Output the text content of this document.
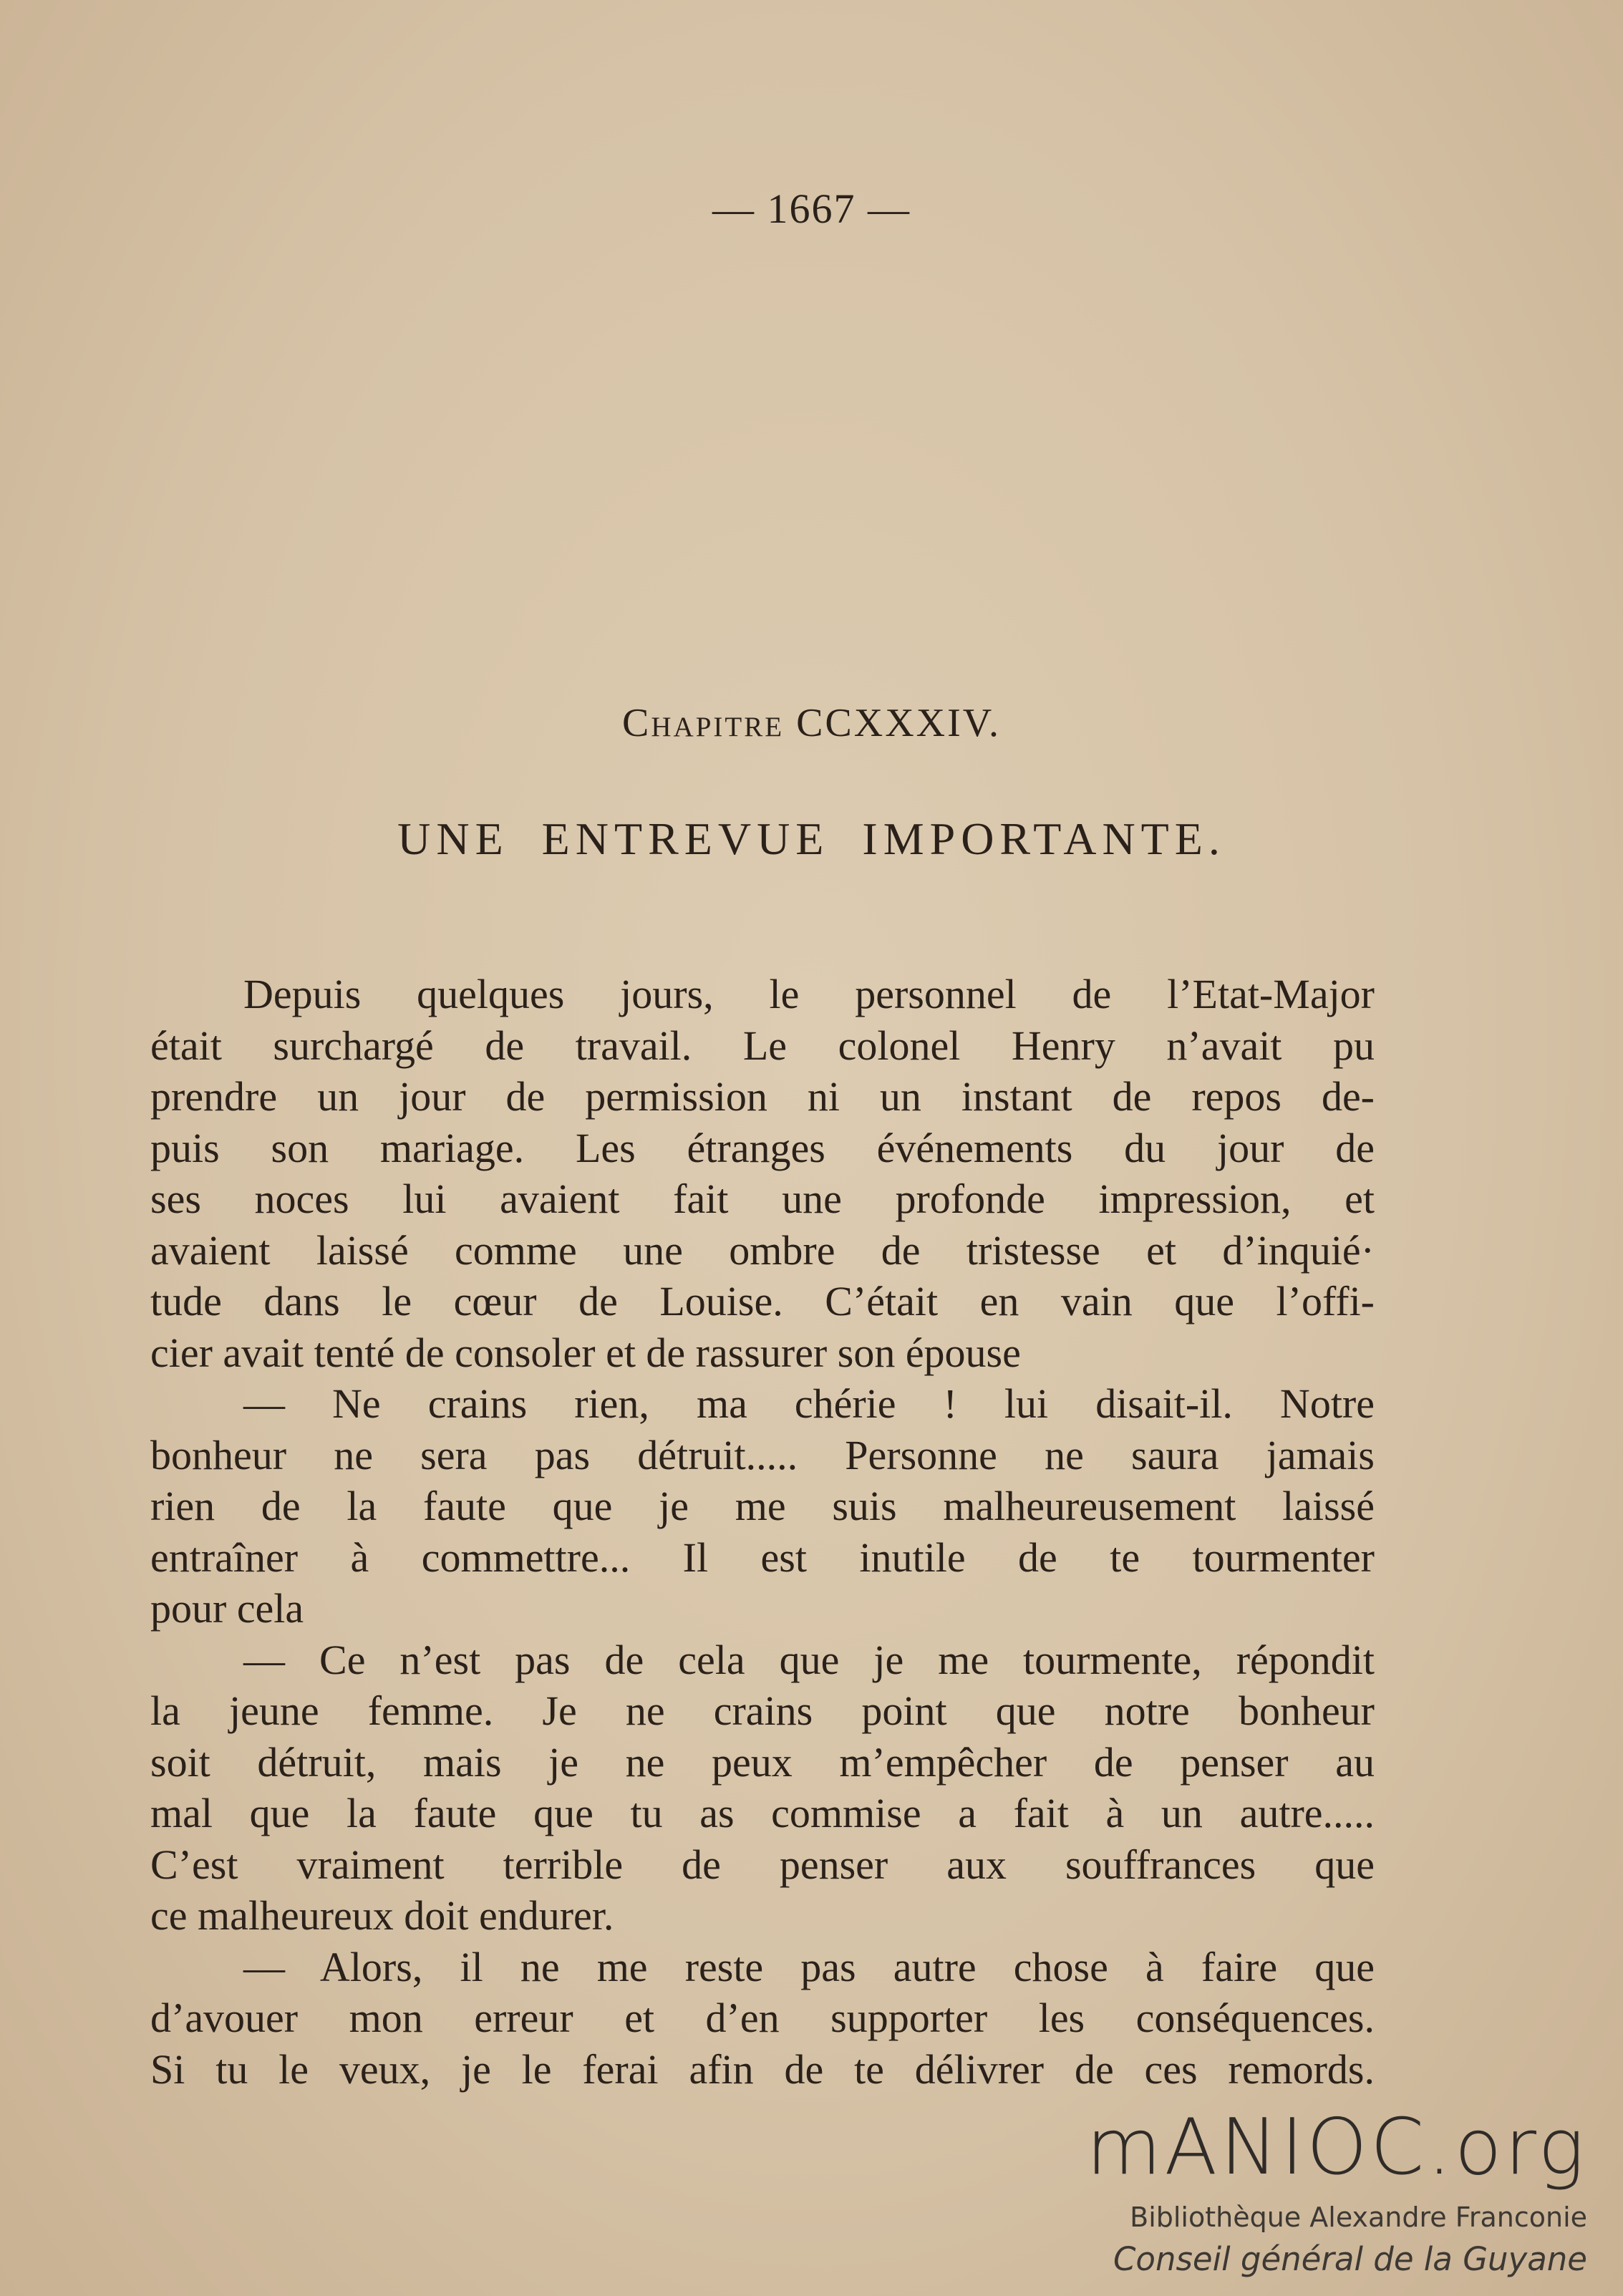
— 1667 —
Chapitre CCXXXIV.
UNE ENTREVUE IMPORTANTE.
Depuis quelques jours, le personnel de l’Etat-Major
était surchargé de travail. Le colonel Henry n’avait pu
prendre un jour de permission ni un instant de repos de-
puis son mariage. Les étranges événements du jour de
ses noces lui avaient fait une profonde impression, et
avaient laissé comme une ombre de tristesse et d’inquié·
tude dans le cœur de Louise. C’était en vain que l’offi-
cier avait tenté de consoler et de rassurer son épouse
— Ne crains rien, ma chérie ! lui disait-il. Notre
bonheur ne sera pas détruit..... Personne ne saura jamais
rien de la faute que je me suis malheureusement laissé
entraîner à commettre... Il est inutile de te tourmenter
pour cela
— Ce n’est pas de cela que je me tourmente, répondit
la jeune femme. Je ne crains point que notre bonheur
soit détruit, mais je ne peux m’empêcher de penser au
mal que la faute que tu as commise a fait à un autre.....
C’est vraiment terrible de penser aux souffrances que
ce malheureux doit endurer.
— Alors, il ne me reste pas autre chose à faire que
d’avouer mon erreur et d’en supporter les conséquences.
Si tu le veux, je le ferai afin de te délivrer de ces remords.
mANIOC.org
Bibliothèque Alexandre Franconie
Conseil général de la Guyane
